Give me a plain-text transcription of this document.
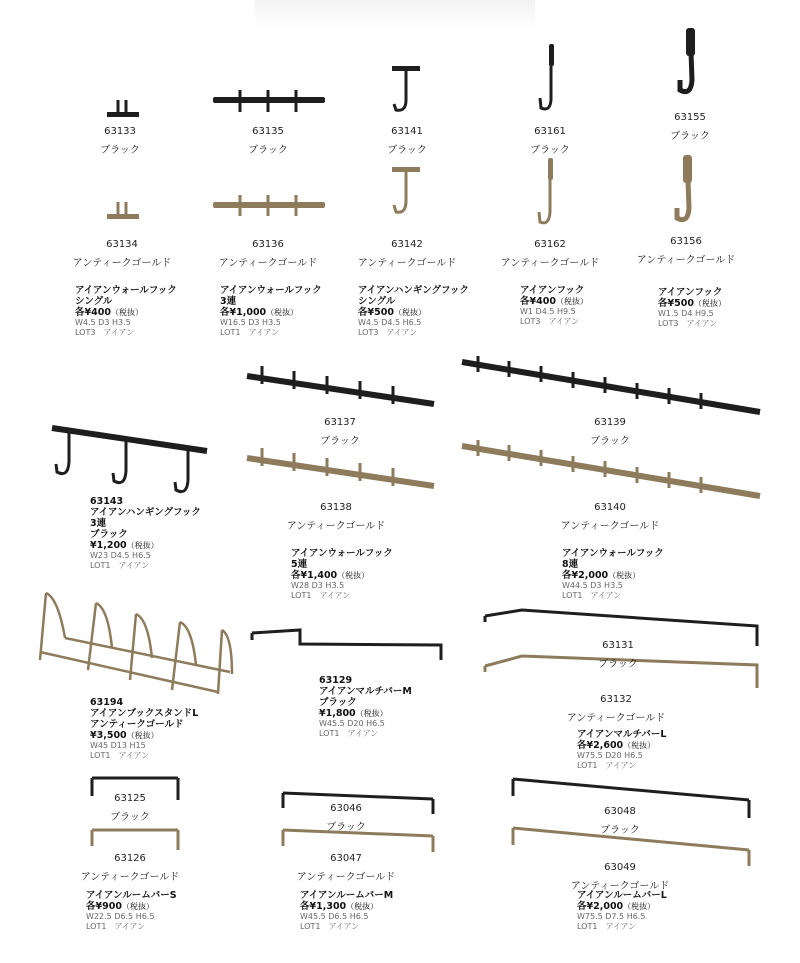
63133
ブラック
63135
ブラック
63141
ブラック
63161
ブラック
63155
ブラック
63134
アンティークゴールド
63136
アンティークゴールド
63142
アンティークゴールド
63162
アンティークゴールド
63156
アンティークゴールド
63137
ブラック
63139
ブラック
63138
アンティークゴールド
63140
アンティークゴールド
63131
ブラック
63132
アンティークゴールド
63125
ブラック
63046
ブラック
63048
ブラック
63126
アンティークゴールド
63047
アンティークゴールド
63049
アンティークゴールド
アイアンウォールフック
シングル
各¥400（税抜）
W4.5 D3 H3.5
LOT3　アイアン
アイアンウォールフック
3連
各¥1,000（税抜）
W16.5 D3 H3.5
LOT1　アイアン
アイアンハンギングフック
シングル
各¥500（税抜）
W4.5 D4.5 H6.5
LOT3　アイアン
アイアンフック
各¥400（税抜）
W1 D4.5 H9.5
LOT3　アイアン
アイアンフック
各¥500（税抜）
W1.5 D4 H9.5
LOT3　アイアン
63143
アイアンハンギングフック
3連
ブラック
¥1,200（税抜）
W23 D4.5 H6.5
LOT1　アイアン
アイアンウォールフック
5連
各¥1,400（税抜）
W28 D3 H3.5
LOT1　アイアン
アイアンウォールフック
8連
各¥2,000（税抜）
W44.5 D3 H3.5
LOT1　アイアン
63194
アイアンブックスタンドL
アンティークゴールド
¥3,500（税抜）
W45 D13 H15
LOT1　アイアン
63129
アイアンマルチバーM
ブラック
¥1,800（税抜）
W45.5 D20 H6.5
LOT1　アイアン	アイアンマルチバーL
各¥2,600（税抜）
W75.5 D20 H6.5
LOT1　アイアン
アイアンルームバーS
各¥900（税抜）
W22.5 D6.5 H6.5
LOT1　アイアン
アイアンルームバーM
各¥1,300（税抜）
W45.5 D6.5 H6.5
LOT1　アイアン
アイアンルームバーL
各¥2,000（税抜）
W75.5 D7.5 H6.5
LOT1　アイアン
